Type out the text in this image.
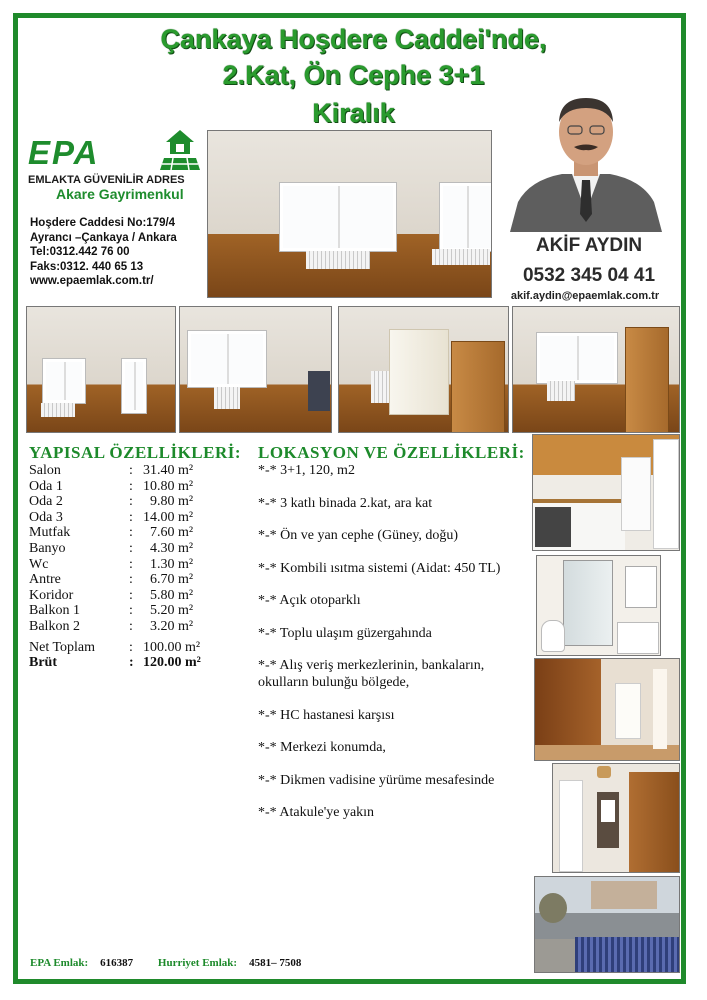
Çankaya Hoşdere Caddei'nde,
2.Kat, Ön Cephe 3+1
Kiralık
EPA
EMLAKTA GÜVENİLİR ADRES
Akare Gayrimenkul
Hoşdere Caddesi No:179/4
Ayrancı –Çankaya / Ankara
Tel:0312.442 76 00
Faks:0312. 440 65 13
www.epaemlak.com.tr/
AKİF AYDIN
0532 345 04 41
akif.aydin@epaemlak.com.tr
YAPISAL ÖZELLİKLERİ:
Salon	: 31.40 m²
Oda 1	: 10.80 m²
Oda 2	:  9.80 m²
Oda 3	: 14.00 m²
Mutfak	:  7.60 m²
Banyo	:  4.30 m²
Wc	:  1.30 m²
Antre	:  6.70 m²
Koridor	:  5.80 m²
Balkon 1	:  5.20 m²
Balkon 2	:  3.20 m²
Net Toplam : 100.00 m²
Brüt	: 120.00 m²
LOKASYON VE ÖZELLİKLERİ:
*-* 3+1, 120, m2
*-* 3 katlı binada 2.kat, ara kat
*-* Ön ve yan cephe (Güney, doğu)
*-* Kombili ısıtma sistemi (Aidat: 450 TL)
*-* Açık otoparklı
*-* Toplu ulaşım güzergahında
*-* Alış veriş merkezlerinin, bankaların, okulların bulunğu bölgede,
*-* HC hastanesi karşısı
*-* Merkezi konumda,
*-* Dikmen vadisine yürüme mesafesinde
*-* Atakule'ye yakın
EPA Emlak: 616387 Hurriyet Emlak: 4581– 7508
